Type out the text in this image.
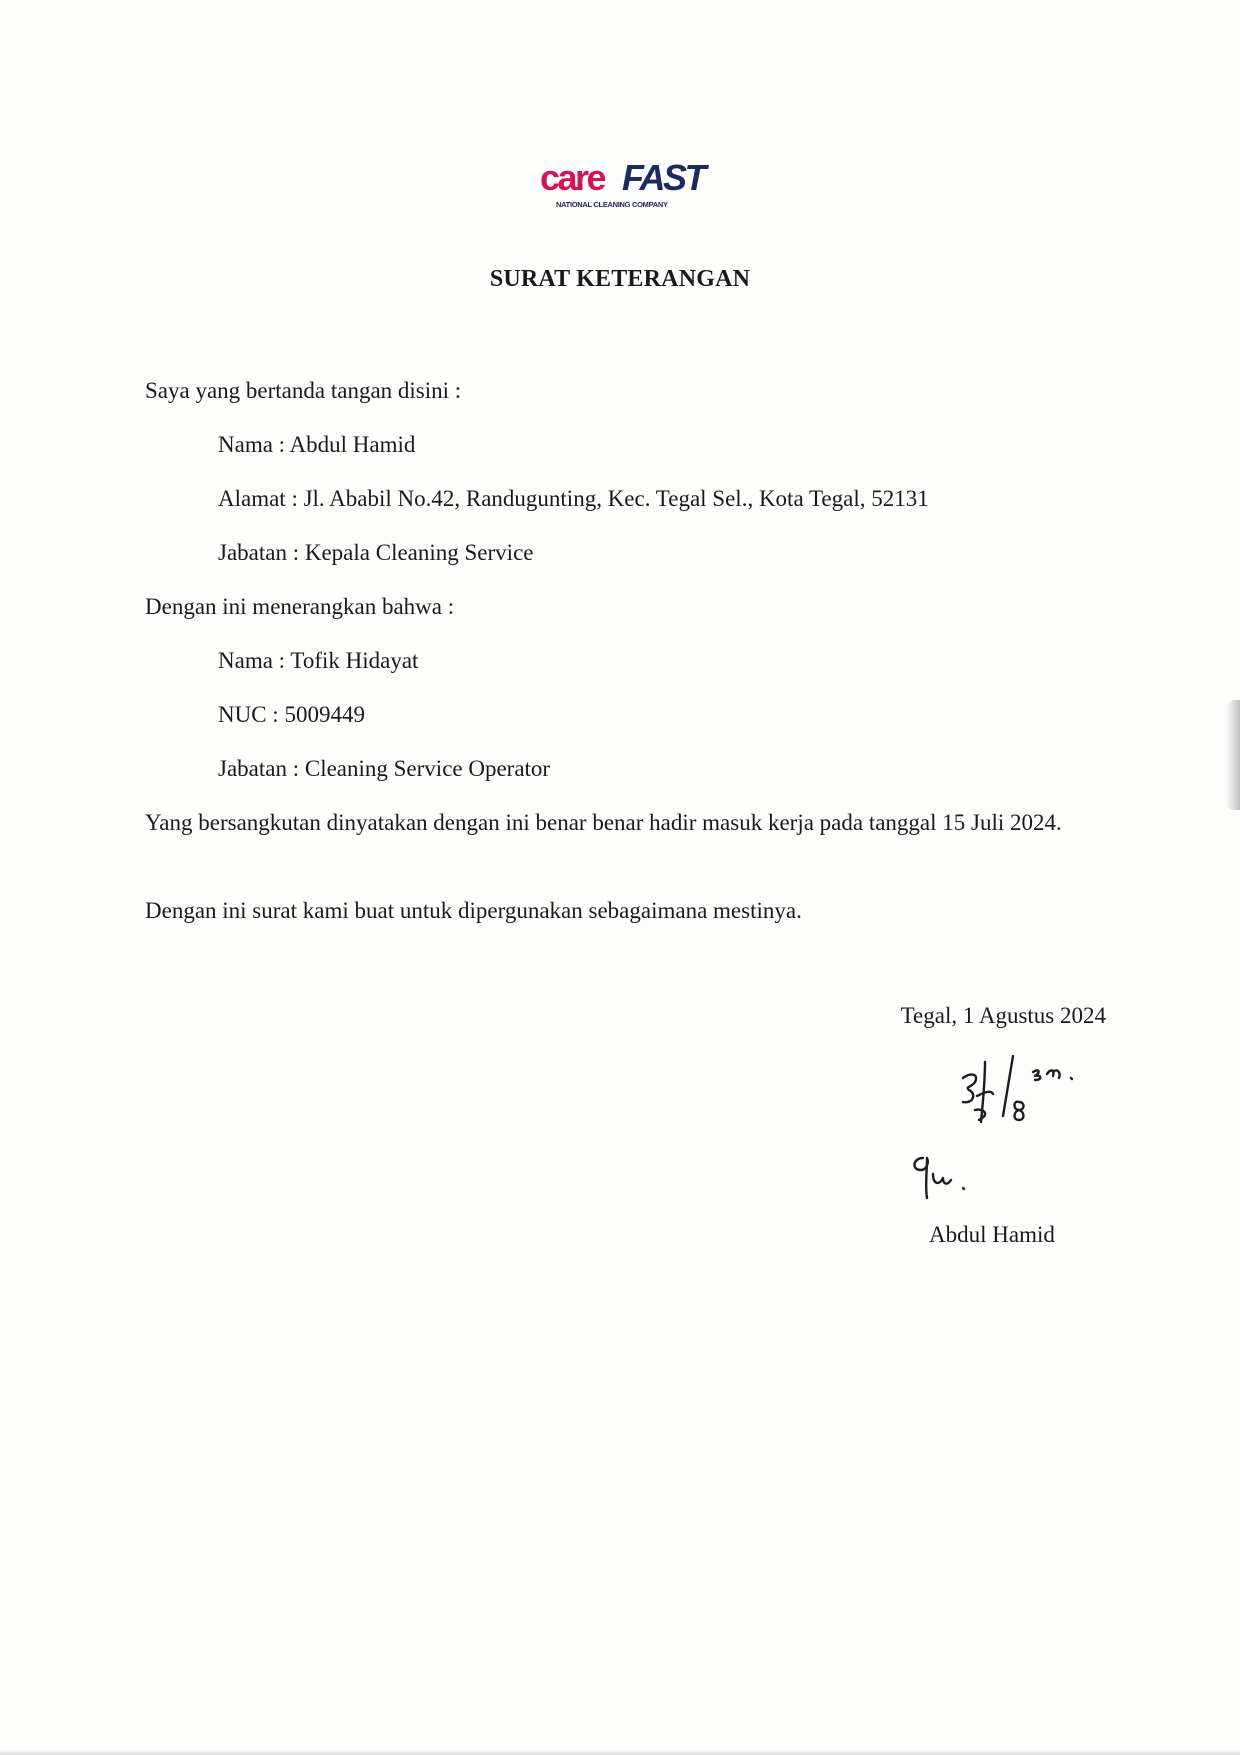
care FAST
NATIONAL CLEANING COMPANY
SURAT KETERANGAN
Saya yang bertanda tangan disini :
Nama : Abdul Hamid
Alamat : Jl. Ababil No.42, Randugunting, Kec. Tegal Sel., Kota Tegal, 52131
Jabatan : Kepala Cleaning Service
Dengan ini menerangkan bahwa :
Nama : Tofik Hidayat
NUC : 5009449
Jabatan : Cleaning Service Operator
Yang bersangkutan dinyatakan dengan ini benar benar hadir masuk kerja pada tanggal 15 Juli 2024.
Dengan ini surat kami buat untuk dipergunakan sebagaimana mestinya.
Tegal, 1 Agustus 2024
Abdul Hamid
